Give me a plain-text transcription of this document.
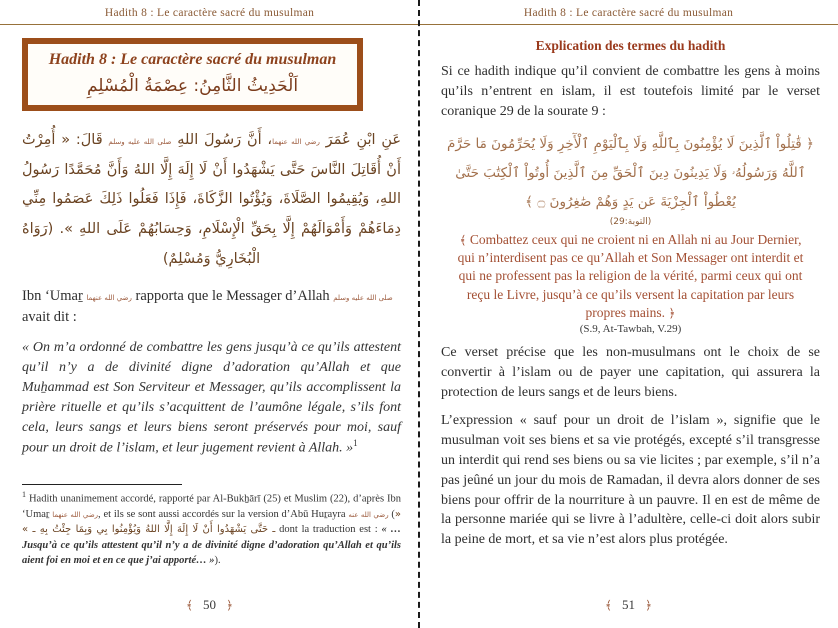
Hadith 8 : Le caractère sacré du musulman
Hadith 8 : Le caractère sacré du musulman
اَلْحَدِيثُ الثَّامِنُ: عِصْمَةُ الْمُسْلِمِ

عَنِ ابْنِ عُمَرَ رضي الله عنهما، أَنَّ رَسُولَ اللهِ صلى الله عليه وسلم قَالَ: « أُمِرْتُ أَنْ أُقَاتِلَ النَّاسَ حَتَّى يَشْهَدُوا أَنْ لَا إِلَهَ إِلَّا اللهُ وَأَنَّ مُحَمَّدًا رَسُولُ اللهِ، وَيُقِيمُوا الصَّلَاةَ، وَيُؤْتُوا الزَّكَاةَ، فَإِذَا فَعَلُوا ذَلِكَ عَصَمُوا مِنِّي دِمَاءَهُمْ وَأَمْوَالَهُمْ إِلَّا بِحَقِّ الْإِسْلَامِ، وَحِسَابُهُمْ عَلَى اللهِ ». (رَوَاهُ الْبُخَارِيُّ وَمُسْلِمٌ)

Ibn ‘Umaṟ رضي الله عنهما rapporta que le Messager d’Allah صلى الله عليه وسلم avait dit :

« On m’a ordonné de combattre les gens jusqu’à ce qu’ils attestent qu’il n’y a de divinité digne d’adoration qu’Allah et que Muẖammad est Son Serviteur et Messager, qu’ils accomplissent la prière rituelle et qu’ils s’acquittent de l’aumône légale, s’ils font cela, leurs sangs et leurs biens seront préservés pour moi, sauf pour un droit de l’islam, et leur jugement revient à Allah. »$^1$

$^1$ Hadith unanimement accordé, rapporté par Al-Bukẖārī (25) et Muslim (22), d’après Ibn ‘Umaṟ رضي الله عنهما, et ils se sont aussi accordés sur la version d’Abū Huṟayra رضي الله عنه (« ـ حَتَّى يَشْهَدُوا أَنْ لَا إِلَهَ إِلَّا اللهُ وَيُؤْمِنُوا بِي وَبِمَا جِئْتُ بِهِ ـ » dont la traduction est : « … Jusqu’à ce qu’ils attestent qu’il n’y a de divinité digne d’adoration qu’Allah et qu’ils aient foi en moi et en ce que j’ai apporté… »).

﴾ 50 ﴿
Hadith 8 : Le caractère sacré du musulman
Explication des termes du hadith

Si ce hadith indique qu’il convient de combattre les gens à moins qu’ils n’entrent en islam, il est toutefois limité par le verset coranique 29 de la sourate 9 :

﴿ قَٰتِلُواْ ٱلَّذِينَ لَا يُؤْمِنُونَ بِٱللَّهِ وَلَا بِٱلْيَوْمِ ٱلْأٓخِرِ وَلَا يُحَرِّمُونَ مَا حَرَّمَ ٱللَّهُ وَرَسُولُهُۥ وَلَا يَدِينُونَ دِينَ ٱلْحَقِّ مِنَ ٱلَّذِينَ أُوتُواْ ٱلْكِتَٰبَ حَتَّىٰ يُعْطُواْ ٱلْجِزْيَةَ عَن يَدٍ وَهُمْ صَٰغِرُونَ ۝ ﴾
(التوبة:29)

﴾ Combattez ceux qui ne croient ni en Allah ni au Jour Dernier, qui n’interdisent pas ce qu’Allah et Son Messager ont interdit et qui ne professent pas la religion de la vérité, parmi ceux qui ont reçu le Livre, jusqu’à ce qu’ils versent la capitation par leurs propres mains. ﴿

(S.9, At-Tawbah, V.29)

Ce verset précise que les non-musulmans ont le choix de se convertir à l’islam ou de payer une capitation, qui assurera la protection de leurs sangs et de leurs biens.

L’expression « sauf pour un droit de l’islam », signifie que le musulman voit ses biens et sa vie protégés, excepté s’il transgresse un interdit qui rend ses biens ou sa vie licites ; par exemple, s’il n’a pas jeûné un jour du mois de Ramadan, il devra alors donner de ses biens pour offrir de la nourriture à un pauvre. Il en est de même de la personne mariée qui se livre à l’adultère, celle-ci doit alors subir la peine de mort, et sa vie n’est alors plus protégée.

﴾ 51 ﴿
